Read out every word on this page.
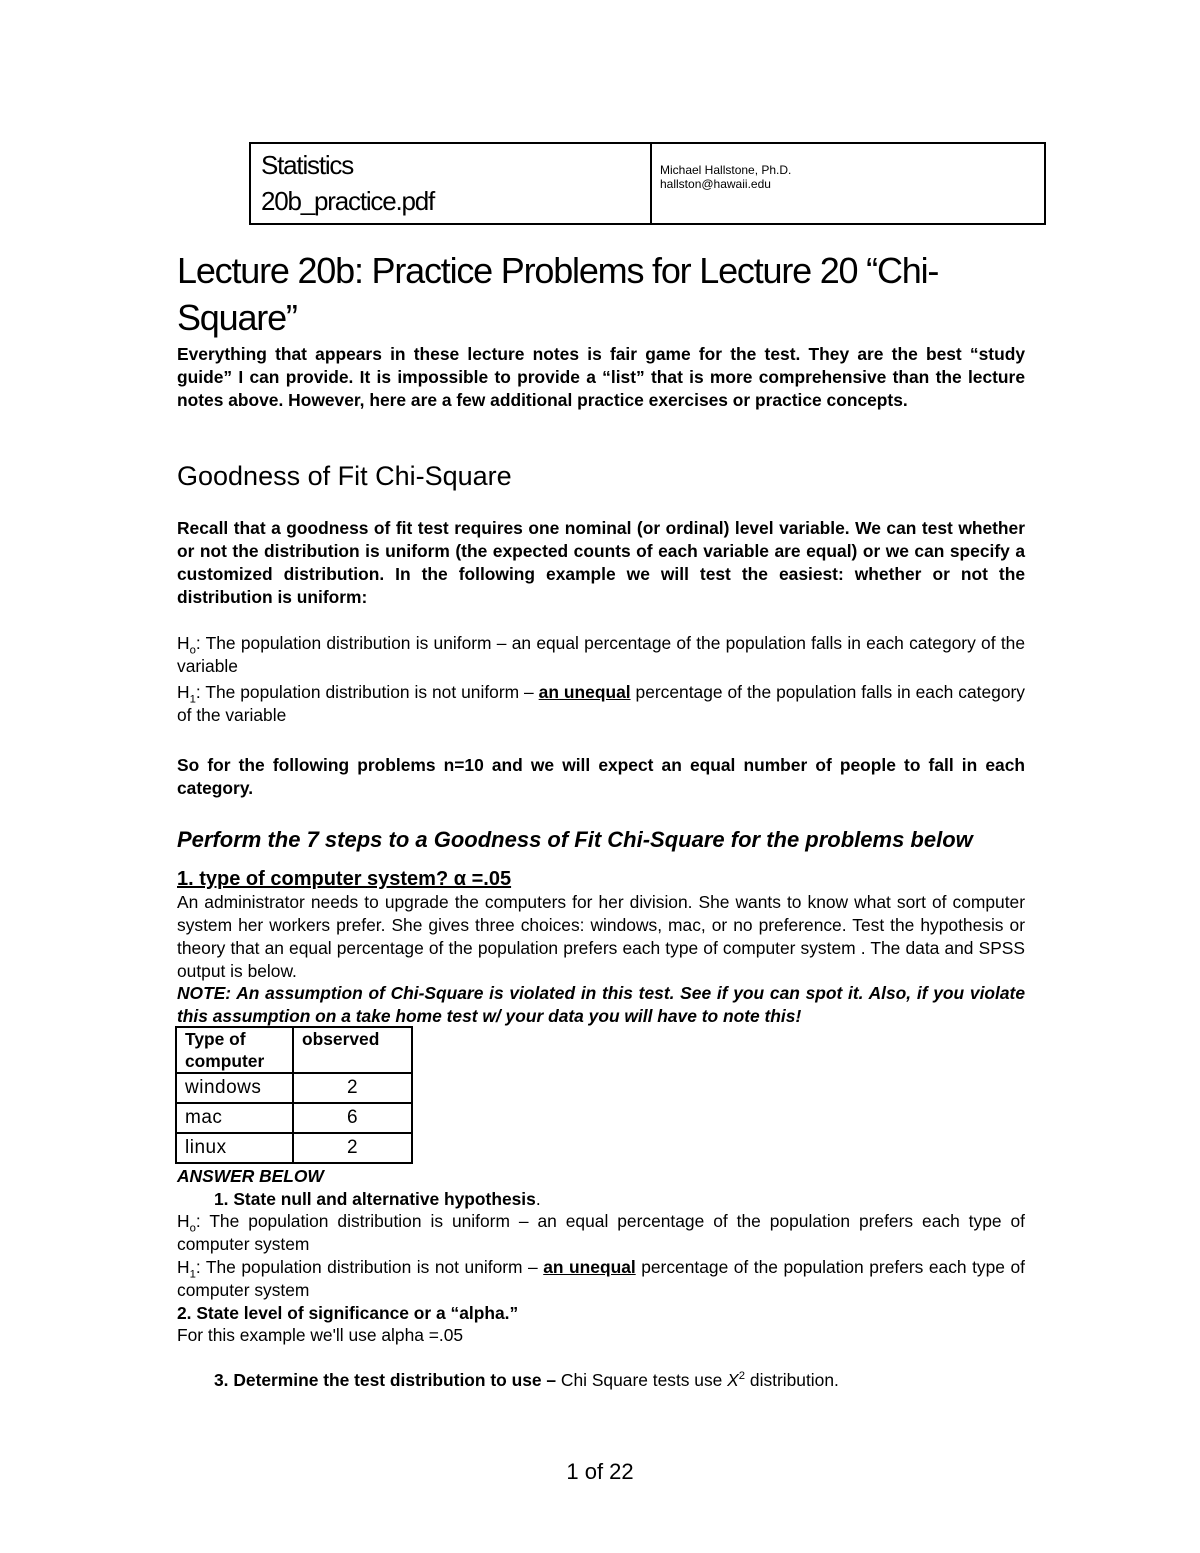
Statistics
20b_practice.pdf
Michael Hallstone, Ph.D.
hallston@hawaii.edu
Lecture 20b: Practice Problems for Lecture 20 “Chi-
Square”
Everything that appears in these lecture notes is fair game for the test. They are the best “study guide” I can provide. It is impossible to provide a “list” that is more comprehensive than the lecture notes above. However, here are a few additional practice exercises or practice concepts.
Goodness of Fit Chi-Square
Recall that a goodness of fit test requires one nominal (or ordinal) level variable. We can test whether or not the distribution is uniform (the expected counts of each variable are equal) or we can specify a customized distribution. In the following example we will test the easiest: whether or not the distribution is uniform:
$H_o$: The population distribution is uniform – an equal percentage of the population falls in each category of the variable
$H_1$: The population distribution is not uniform – an unequal percentage of the population falls in each category of the variable
So for the following problems n=10 and we will expect an equal number of people to fall in each category.
Perform the 7 steps to a Goodness of Fit Chi-Square for the problems below
1. type of computer system? α =.05
An administrator needs to upgrade the computers for her division. She wants to know what sort of computer system her workers prefer. She gives three choices: windows, mac, or no preference. Test the hypothesis or theory that an equal percentage of the population prefers each type of computer system . The data and SPSS output is below.
NOTE: An assumption of Chi-Square is violated in this test. See if you can spot it. Also, if you violate this assumption on a take home test w/ your data you will have to note this!
Type of computer	observed
windows	2
mac	6
linux	2
ANSWER BELOW
1. State null and alternative hypothesis.
$H_o$: The population distribution is uniform – an equal percentage of the population prefers each type of computer system
$H_1$: The population distribution is not uniform – an unequal percentage of the population prefers each type of computer system
2. State level of significance or a “alpha.”
For this example we'll use alpha =.05
3. Determine the test distribution to use – Chi Square tests use $X^2$ distribution.
1 of 22
